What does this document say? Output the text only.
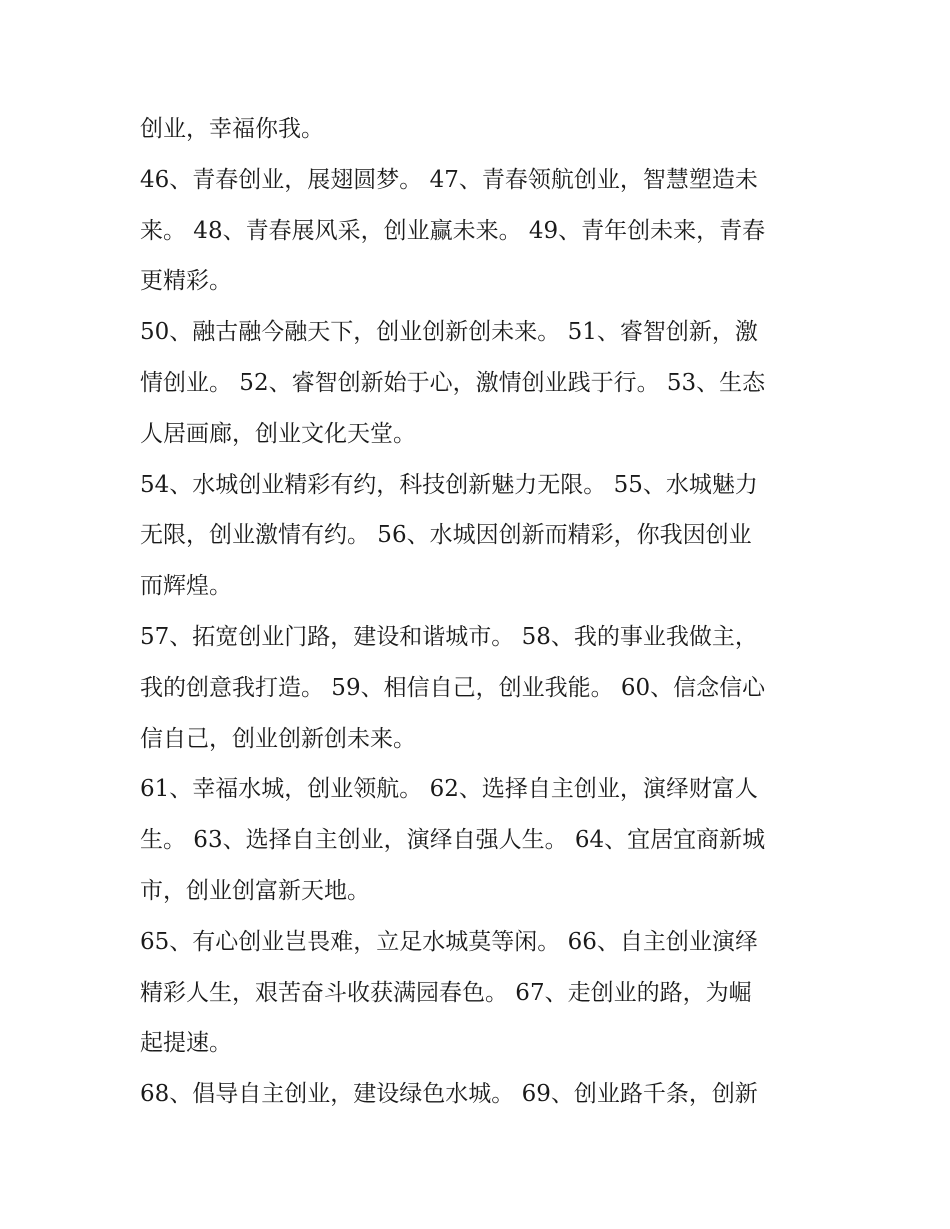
创业，幸福你我。

46、青春创业，展翅圆梦。 47、青春领航创业，智慧塑造未
来。 48、青春展风采，创业赢未来。 49、青年创未来，青春
更精彩。

50、融古融今融天下，创业创新创未来。 51、睿智创新，激
情创业。 52、睿智创新始于心，激情创业践于行。 53、生态
人居画廊，创业文化天堂。

54、水城创业精彩有约，科技创新魅力无限。 55、水城魅力
无限，创业激情有约。 56、水城因创新而精彩，你我因创业
而辉煌。

57、拓宽创业门路，建设和谐城市。 58、我的事业我做主，
我的创意我打造。 59、相信自己，创业我能。 60、信念信心
信自己，创业创新创未来。

61、幸福水城，创业领航。 62、选择自主创业，演绎财富人
生。 63、选择自主创业，演绎自强人生。 64、宜居宜商新城
市，创业创富新天地。

65、有心创业岂畏难，立足水城莫等闲。 66、自主创业演绎
精彩人生，艰苦奋斗收获满园春色。 67、走创业的路，为崛
起提速。

68、倡导自主创业，建设绿色水城。 69、创业路千条，创新
